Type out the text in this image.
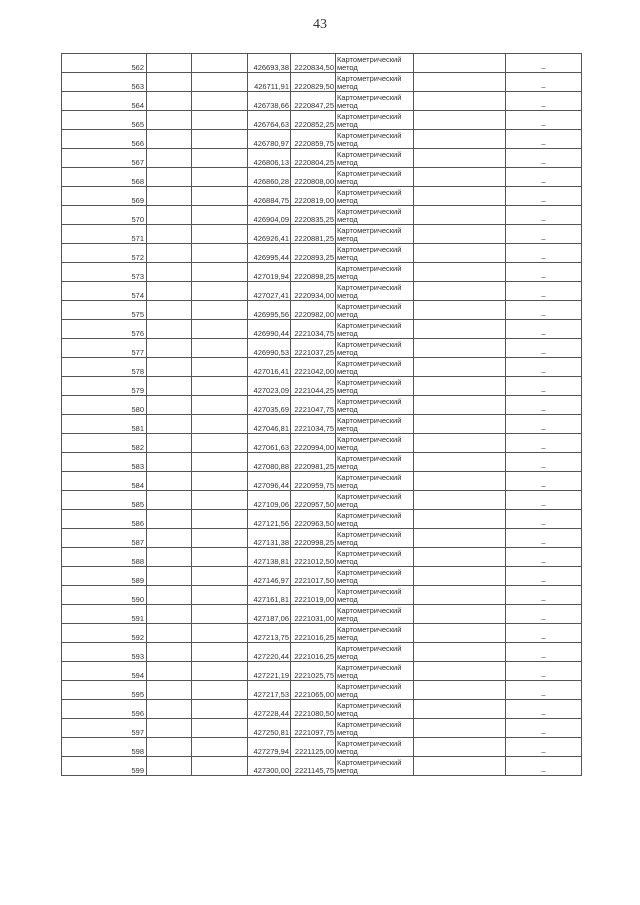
43
562			426693,38	2220834,50	Картометрический
метод		–
563			426711,91	2220829,50	Картометрический
метод		–
564			426738,66	2220847,25	Картометрический
метод		–
565			426764,63	2220852,25	Картометрический
метод		–
566			426780,97	2220859,75	Картометрический
метод		–
567			426806,13	2220804,25	Картометрический
метод		–
568			426860,28	2220808,00	Картометрический
метод		–
569			426884,75	2220819,00	Картометрический
метод		–
570			426904,09	2220835,25	Картометрический
метод		–
571			426926,41	2220881,25	Картометрический
метод		–
572			426995,44	2220893,25	Картометрический
метод		–
573			427019,94	2220898,25	Картометрический
метод		–
574			427027,41	2220934,00	Картометрический
метод		–
575			426995,56	2220982,00	Картометрический
метод		–
576			426990,44	2221034,75	Картометрический
метод		–
577			426990,53	2221037,25	Картометрический
метод		–
578			427016,41	2221042,00	Картометрический
метод		–
579			427023,09	2221044,25	Картометрический
метод		–
580			427035,69	2221047,75	Картометрический
метод		–
581			427046,81	2221034,75	Картометрический
метод		–
582			427061,63	2220994,00	Картометрический
метод		–
583			427080,88	2220981,25	Картометрический
метод		–
584			427096,44	2220959,75	Картометрический
метод		–
585			427109,06	2220957,50	Картометрический
метод		–
586			427121,56	2220963,50	Картометрический
метод		–
587			427131,38	2220998,25	Картометрический
метод		–
588			427138,81	2221012,50	Картометрический
метод		–
589			427146,97	2221017,50	Картометрический
метод		–
590			427161,81	2221019,00	Картометрический
метод		–
591			427187,06	2221031,00	Картометрический
метод		–
592			427213,75	2221016,25	Картометрический
метод		–
593			427220,44	2221016,25	Картометрический
метод		–
594			427221,19	2221025,75	Картометрический
метод		–
595			427217,53	2221065,00	Картометрический
метод		–
596			427228,44	2221080,50	Картометрический
метод		–
597			427250,81	2221097,75	Картометрический
метод		–
598			427279,94	2221125,00	Картометрический
метод		–
599			427300,00	2221145,75	Картометрический
метод		–
